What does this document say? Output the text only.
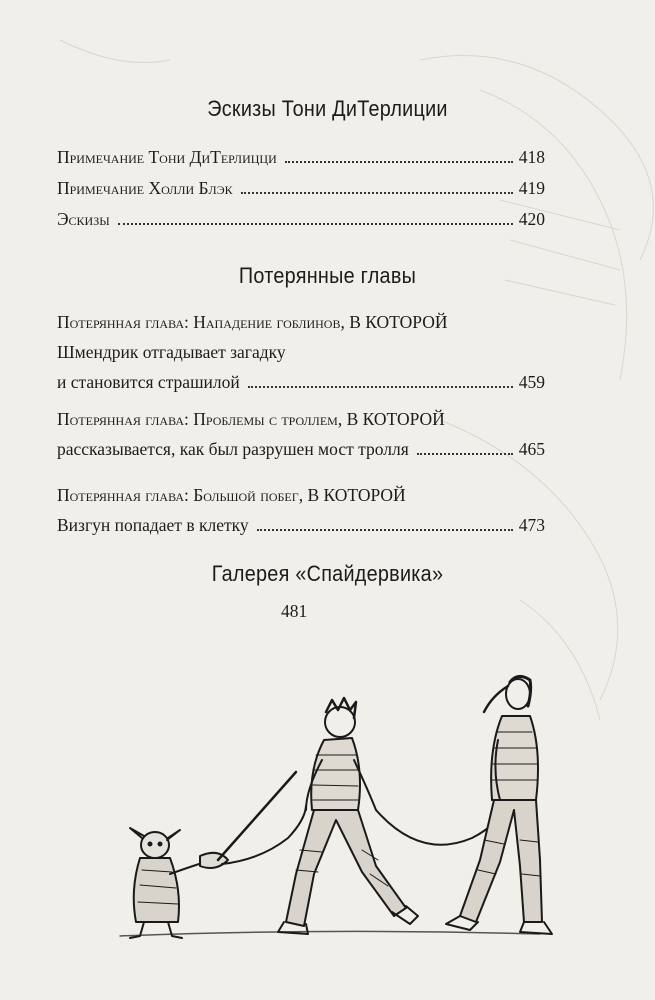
Эскизы Тони ДиТерлиции
Примечание Тони ДиТерлицци	418
Примечание Холли Блэк	419
Эскизы	420
Потерянные главы
Потерянная глава: Нападение гоблинов, В КОТОРОЙ
Шмендрик отгадывает загадку
и становится страшилой	459
Потерянная глава: Проблемы с троллем, В КОТОРОЙ
рассказывается, как был разрушен мост тролля	465
Потерянная глава: Большой побег, В КОТОРОЙ
Визгун попадает в клетку	473
Галерея «Спайдервика»
481
